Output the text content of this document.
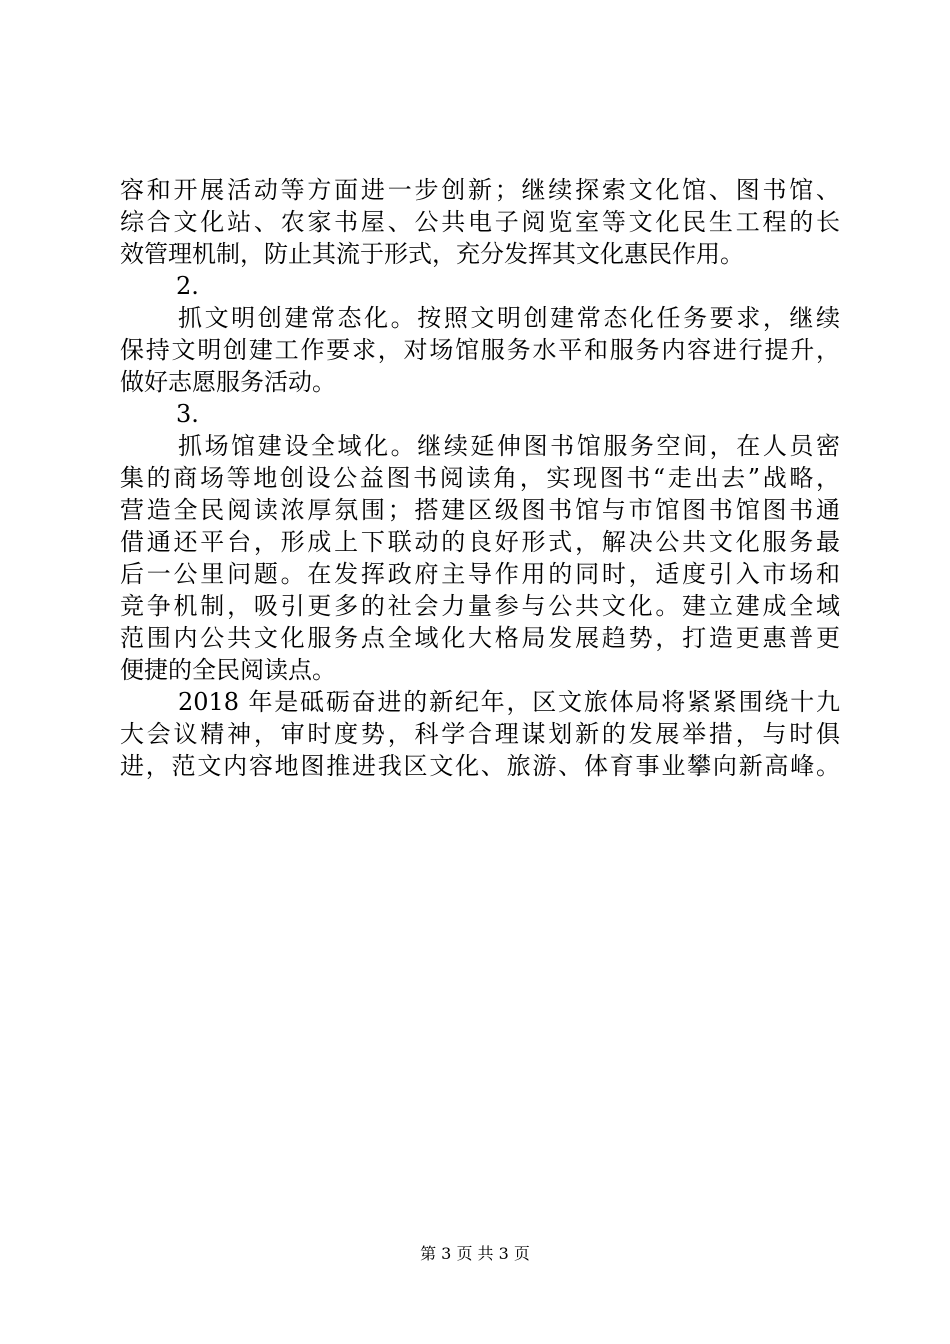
容和开展活动等方面进一步创新；继续探索文化馆、图书馆、
综合文化站、农家书屋、公共电子阅览室等文化民生工程的长
效管理机制，防止其流于形式，充分发挥其文化惠民作用。
2.
抓文明创建常态化。按照文明创建常态化任务要求，继续
保持文明创建工作要求，对场馆服务水平和服务内容进行提升，
做好志愿服务活动。
3.
抓场馆建设全域化。继续延伸图书馆服务空间，在人员密
集的商场等地创设公益图书阅读角，实现图书“走出去”战略，
营造全民阅读浓厚氛围；搭建区级图书馆与市馆图书馆图书通
借通还平台，形成上下联动的良好形式，解决公共文化服务最
后一公里问题。在发挥政府主导作用的同时，适度引入市场和
竞争机制，吸引更多的社会力量参与公共文化。建立建成全域
范围内公共文化服务点全域化大格局发展趋势，打造更惠普更
便捷的全民阅读点。
2018 年是砥砺奋进的新纪年，区文旅体局将紧紧围绕十九
大会议精神，审时度势，科学合理谋划新的发展举措，与时俱
进，范文内容地图推进我区文化、旅游、体育事业攀向新高峰。
第 3 页 共 3 页
